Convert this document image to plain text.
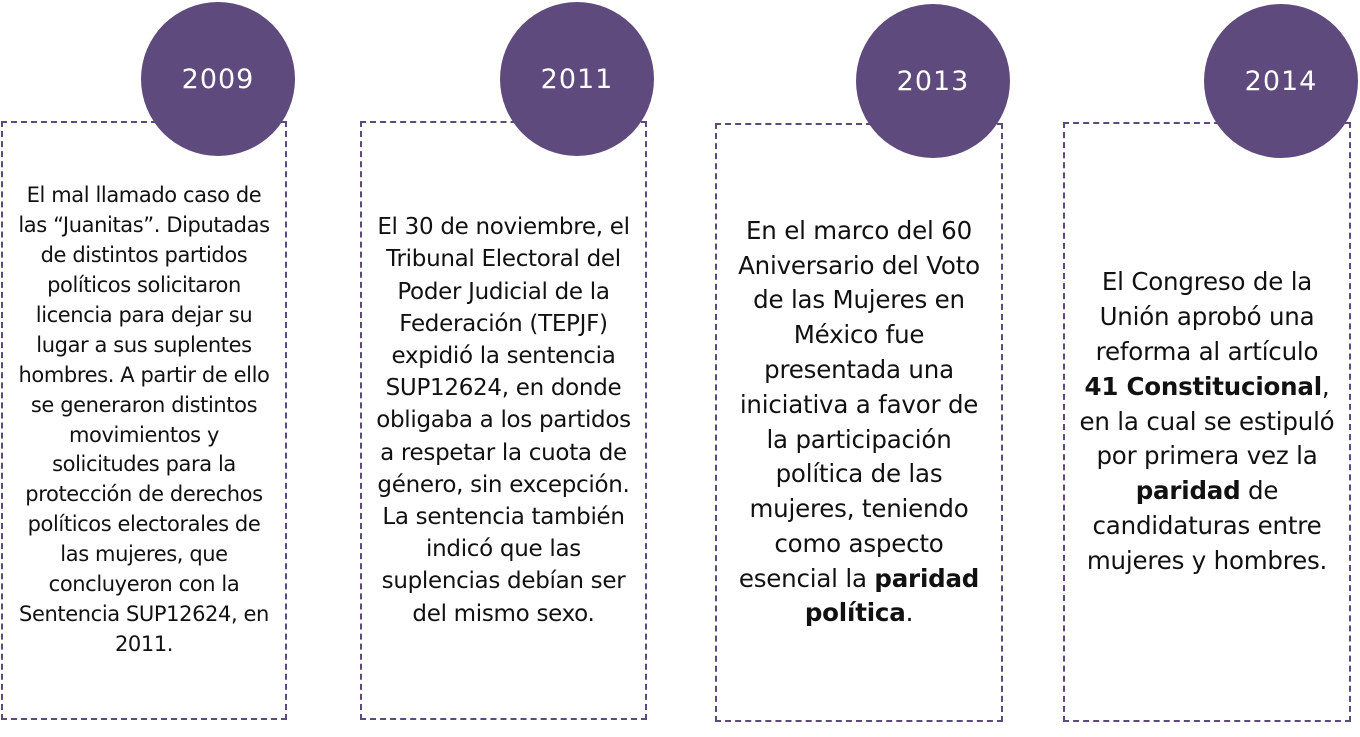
El mal llamado caso de las “Juanitas”. Diputadas de distintos partidos políticos solicitaron licencia para dejar su lugar a sus suplentes hombres. A partir de ello se generaron distintos movimientos y solicitudes para la protección de derechos políticos electorales de las mujeres, que concluyeron con la Sentencia SUP12624, en 2011.

2009

El 30 de noviembre, el Tribunal Electoral del Poder Judicial de la Federación (TEPJF) expidió la sentencia SUP12624, en donde obligaba a los partidos a respetar la cuota de género, sin excepción.

La sentencia también indicó que las suplencias debían ser del mismo sexo.

2011

En el marco del 60 Aniversario del Voto de las Mujeres en México fue presentada una iniciativa a favor de la participación política de las mujeres, teniendo como aspecto esencial la paridad política.

2013

El Congreso de la Unión aprobó una reforma al artículo 41 Constitucional, en la cual se estipuló por primera vez la paridad de candidaturas entre mujeres y hombres.

2014
